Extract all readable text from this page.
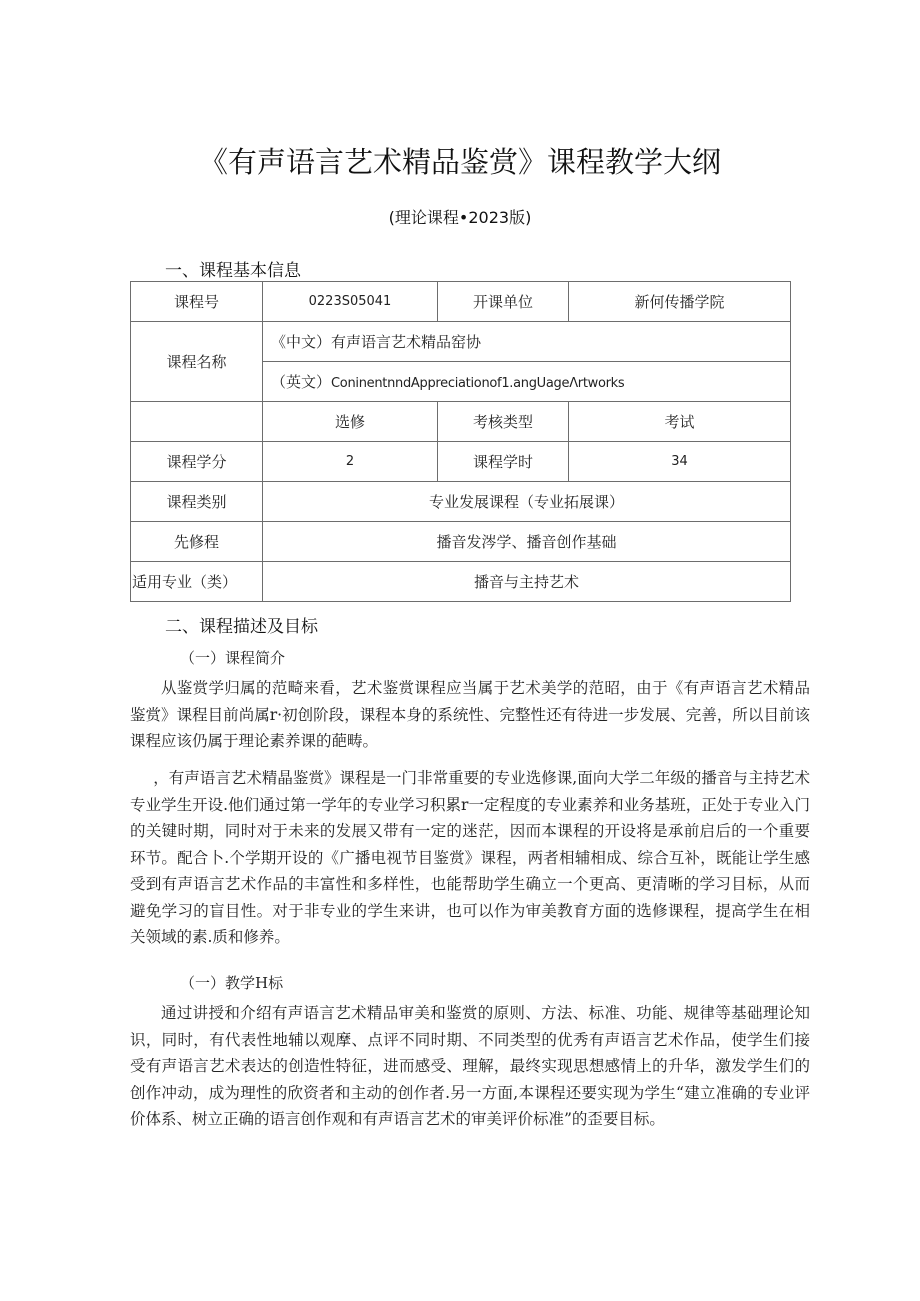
《有声语言艺术精品鉴赏》课程教学大纲
(理论课程•2023版)
一、课程基本信息
课程号	0223S05041	开课单位	新何传播学院
课程名称	《中文）有声语言艺术精品窑协		
	（英文）ConinentnndAppreciationof1.angUageΛrtworks		
	选修	考核类型	考试
课程学分	2	课程学时	34
课程类别	专业发展课程（专业拓展课）		
先修程	播音发涔学、播音创作基础		
适用专业（类）	播音与主持艺术		
二、课程描述及目标
（一）课程简介

从鉴赏学归属的范畸来看，艺术鉴赏课程应当属于艺术美学的范昭，由于《有声语言艺术精品鉴赏》课程目前尚属r·初创阶段，课程本身的系统性、完整性还有待进一步发展、完善，所以目前该课程应该仍属于理论素养课的葩畴。

，有声语言艺术精晶鉴赏》课程是一门非常重要的专业选修课,面向大学二年级的播音与主持艺术专业学生开设.他们通过第一学年的专业学习积累r一定程度的专业素养和业务基班，正处于专业入门的关键时期，同时对于未来的发展又带有一定的迷茫，因而本课程的开设将是承前启后的一个重要环节。配合卜.个学期开设的《广播电视节目鉴赏》课程，两者相辅相成、综合互补，既能让学生感受到有声语言艺术作品的丰富性和多样性，也能帮助学生确立一个更高、更清晰的学习目标，从而避免学习的盲目性。对于非专业的学生来讲，也可以作为审美教育方面的选修课程，提高学生在相关领域的素.质和修养。

（一）教学H标

通过讲授和介绍有声语言艺术精品审美和鉴赏的原则、方法、标准、功能、规律等基础理论知识，同时，有代表性地辅以观摩、点评不同时期、不同类型的优秀有声语言艺术作品，使学生们接受有声语言艺术表达的创造性特征，进而感受、理解，最终实现思想感情上的升华，激发学生们的创作冲动，成为理性的欣资者和主动的创作者.另一方面,本课程还要实现为学生“建立准确的专业评价体系、树立正确的语言创作观和有声语言艺术的审美评价标准”的歪要目标。
